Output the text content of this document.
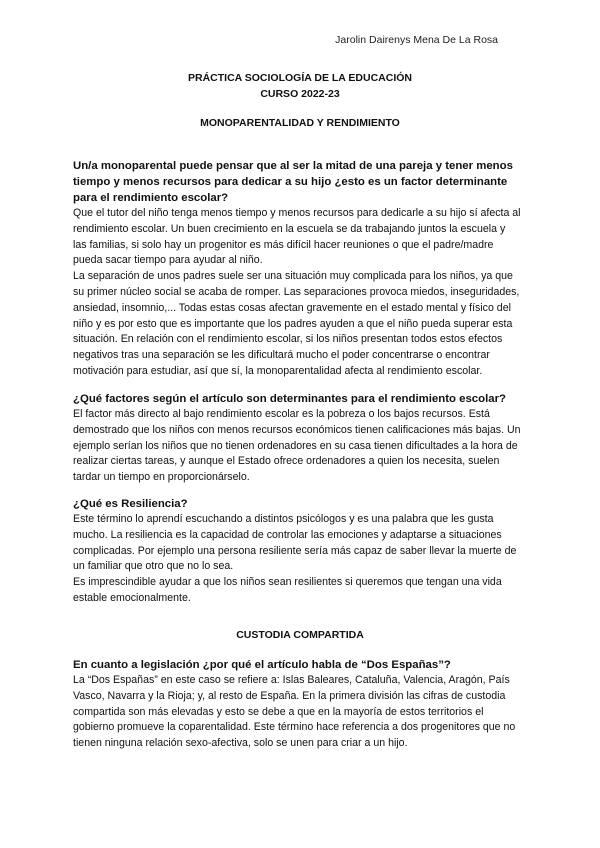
Jarolin Dairenys Mena De La Rosa
PRÁCTICA SOCIOLOGÍA DE LA EDUCACIÓN
CURSO 2022-23
MONOPARENTALIDAD Y RENDIMIENTO

Un/a monoparental puede pensar que al ser la mitad de una pareja y tener menos tiempo y menos recursos para dedicar a su hijo ¿esto es un factor determinante para el rendimiento escolar?

Que el tutor del niño tenga menos tiempo y menos recursos para dedicarle a su hijo sí afecta al rendimiento escolar. Un buen crecimiento en la escuela se da trabajando juntos la escuela y las familias, si solo hay un progenitor es más difícil hacer reuniones o que el padre/madre pueda sacar tiempo para ayudar al niño.

La separación de unos padres suele ser una situación muy complicada para los niños, ya que su primer núcleo social se acaba de romper. Las separaciones provoca miedos, inseguridades, ansiedad, insomnio,... Todas estas cosas afectan gravemente en el estado mental y físico del niño y es por esto que es importante que los padres ayuden a que el niño pueda superar esta situación. En relación con el rendimiento escolar, si los niños presentan todos estos efectos negativos tras una separación se les dificultará mucho el poder concentrarse o encontrar motivación para estudiar, así que sí, la monoparentalidad afecta al rendimiento escolar.

¿Qué factores según el artículo son determinantes para el rendimiento escolar?

El factor más directo al bajo rendimiento escolar es la pobreza o los bajos recursos. Está demostrado que los niños con menos recursos económicos tienen calificaciones más bajas. Un ejemplo serían los niños que no tienen ordenadores en su casa tienen dificultades a la hora de realizar ciertas tareas, y aunque el Estado ofrece ordenadores a quien los necesita, suelen tardar un tiempo en proporcionárselo.

¿Qué es Resiliencia?

Este término lo aprendí escuchando a distintos psicólogos y es una palabra que les gusta mucho. La resiliencia es la capacidad de controlar las emociones y adaptarse a situaciones complicadas. Por ejemplo una persona resiliente sería más capaz de saber llevar la muerte de un familiar que otro que no lo sea.

Es imprescindible ayudar a que los niños sean resilientes si queremos que tengan una vida estable emocionalmente.

CUSTODIA COMPARTIDA

En cuanto a legislación ¿por qué el artículo habla de “Dos Españas”?

La “Dos Españas” en este caso se refiere a: Islas Baleares, Cataluña, Valencia, Aragón, País Vasco, Navarra y la Rioja; y, al resto de España. En la primera división las cifras de custodia compartida son más elevadas y esto se debe a que en la mayoría de estos territorios el gobierno promueve la coparentalidad. Este término hace referencia a dos progenitores que no tienen ninguna relación sexo-afectiva, solo se unen para criar a un hijo.
